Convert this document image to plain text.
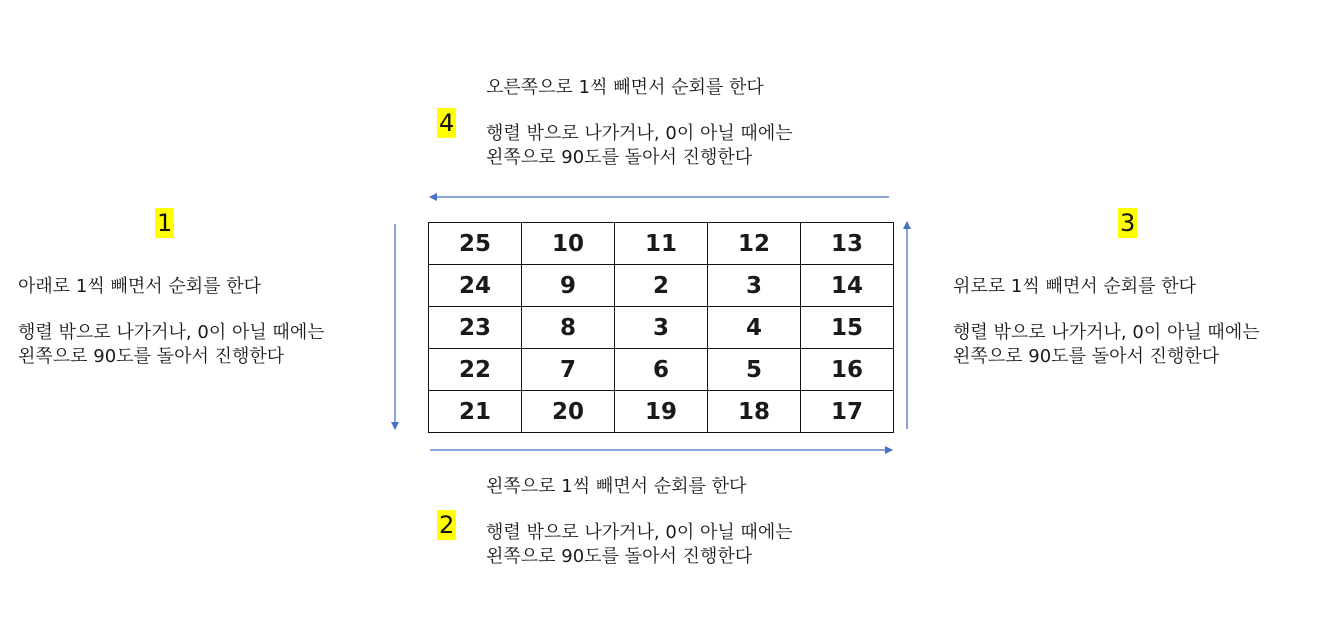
4
오른쪽으로 1씩 빼면서 순회를 한다
행렬 밖으로 나가거나, 0이 아닐 때에는
왼쪽으로 90도를 돌아서 진행한다
1
아래로 1씩 빼면서 순회를 한다
행렬 밖으로 나가거나, 0이 아닐 때에는
왼쪽으로 90도를 돌아서 진행한다
3
위로로 1씩 빼면서 순회를 한다
행렬 밖으로 나가거나, 0이 아닐 때에는
왼쪽으로 90도를 돌아서 진행한다
2
왼쪽으로 1씩 빼면서 순회를 한다
행렬 밖으로 나가거나, 0이 아닐 때에는
왼쪽으로 90도를 돌아서 진행한다
25	10	11	12	13
24	9	2	3	14
23	8	3	4	15
22	7	6	5	16
21	20	19	18	17
